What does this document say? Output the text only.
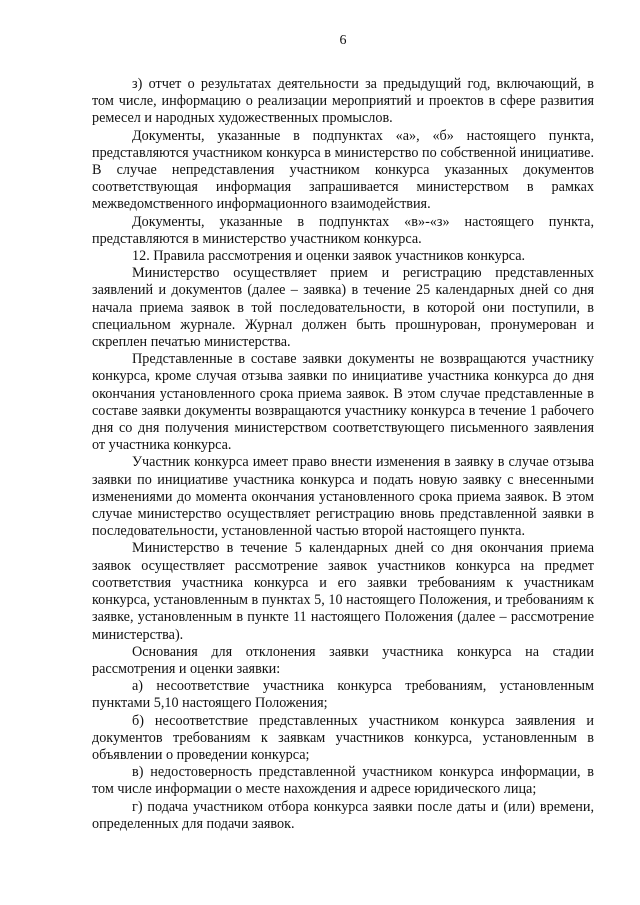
6

з) отчет о результатах деятельности за предыдущий год, включающий, в том числе, информацию о реализации мероприятий и проектов в сфере развития ремесел и народных художественных промыслов.

Документы, указанные в подпунктах «а», «б» настоящего пункта, представляются участником конкурса в министерство по собственной инициативе. В случае непредставления участником конкурса указанных документов соответствующая информация запрашивается министерством в рамках межведомственного информационного взаимодействия.

Документы, указанные в подпунктах «в»-«з» настоящего пункта, представляются в министерство участником конкурса.

12. Правила рассмотрения и оценки заявок участников конкурса.

Министерство осуществляет прием и регистрацию представленных заявлений и документов (далее – заявка) в течение 25 календарных дней со дня начала приема заявок в той последовательности, в которой они поступили, в специальном журнале. Журнал должен быть прошнурован, пронумерован и скреплен печатью министерства.

Представленные в составе заявки документы не возвращаются участнику конкурса, кроме случая отзыва заявки по инициативе участника конкурса до дня окончания установленного срока приема заявок. В этом случае представленные в составе заявки документы возвращаются участнику конкурса в течение 1 рабочего дня со дня получения министерством соответствующего письменного заявления от участника конкурса.

Участник конкурса имеет право внести изменения в заявку в случае отзыва заявки по инициативе участника конкурса и подать новую заявку с внесенными изменениями до момента окончания установленного срока приема заявок. В этом случае министерство осуществляет регистрацию вновь представленной заявки в последовательности, установленной частью второй настоящего пункта.

Министерство в течение 5 календарных дней со дня окончания приема заявок осуществляет рассмотрение заявок участников конкурса на предмет соответствия участника конкурса и его заявки требованиям к участникам конкурса, установленным в пунктах 5, 10 настоящего Положения, и требованиям к заявке, установленным в пункте 11 настоящего Положения (далее – рассмотрение министерства).

Основания для отклонения заявки участника конкурса на стадии рассмотрения и оценки заявки:

а) несоответствие участника конкурса требованиям, установленным пунктами 5,10 настоящего Положения;

б) несоответствие представленных участником конкурса заявления и документов требованиям к заявкам участников конкурса, установленным в объявлении о проведении конкурса;

в) недостоверность представленной участником конкурса информации, в том числе информации о месте нахождения и адресе юридического лица;

г) подача участником отбора конкурса заявки после даты и (или) времени, определенных для подачи заявок.
